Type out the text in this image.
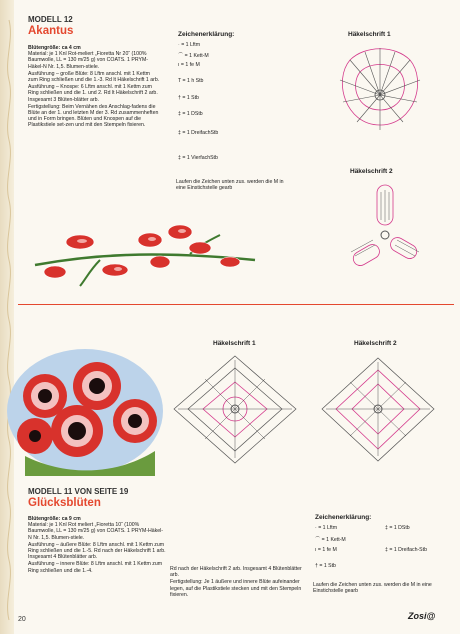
MODELL 12
Akantus
Blütengröße: ca 4 cm
Material: je 1 Knl Rot-meliert „Fioretta Nr 20“ (100% Baumwolle, LL = 130 m/25 g) von COATS. 1 PRYM-Häkel-N Nr. 1,5. Blumen-stiele.
Ausführung – große Blüte: 8 Lftm anschl. mit 1 Kettm zum Ring schließen und die 1.-3. Rd lt Häkelschrift 1 arb.
Ausführung – Knospe: 6 Lftm anschl. mit 1 Kettm zum Ring schließen und die 1. und 2. Rd lt Häkelschrift 2 arb. Insgesamt 3 Blüten-blätter arb.
Fertigstellung: Beim Vernähen des Anschlag-fadens die Blüte an der 1. und letzten M der 3. Rd zusammenheften und in Form bringen. Blüten und Knospen auf die Plastikstiele set-zen und mit den Stempeln fixieren.
Zeichenerklärung:
· = 1 Lftm
⌒ = 1 Kett-M
ı = 1 fe M
T = 1 h Stb
† = 1 Stb
‡ = 1 DStb
‡ = 1 DreifachStb
‡ = 1 VierfachStb
Laufen die Zeichen unten zus. werden die M in eine Einstichstelle gearb
Häkelschrift 1
Häkelschrift 2
Häkelschrift 1	Häkelschrift 2
MODELL 11 VON SEITE 19
Glücksblüten
Blütengröße: ca 9 cm
Material: je 1 Knl Rot meliert „Fioretta 10“ (100% Baumwolle, LL = 130 m/25 g) von COATS. 1 PRYM-Häkel-N Nr. 1,5. Blumen-stiele.
Ausführung – äußere Blüte: 8 Lftm anschl. mit 1 Kettm zum Ring schließen und die 1.-5. Rd nach der Häkelschrift 1 arb. Insgesamt 4 Blütenblätter arb.
Ausführung – innere Blüte: 8 Lftm anschl. mit 1 Kettm zum Ring schließen und die 1.-4.	Rd nach der Häkelschrift 2 arb. Insgesamt 4 Blütenblätter arb.
Fertigstellung: Je 1 äußere und innere Blüte aufeinander legen, auf die Plastikstiele stecken und mit den Stempeln fixieren.
Zeichenerklärung:
· = 1 Lftm
⌒ = 1 Kett-M
ı = 1 fe M
† = 1 Stb
‡ = 1 DStb
‡ = 1 Dreifach-Stb
Laufen die Zeichen unten zus. werden die M in eine Einstichstelle gearb
20	Zosi@
